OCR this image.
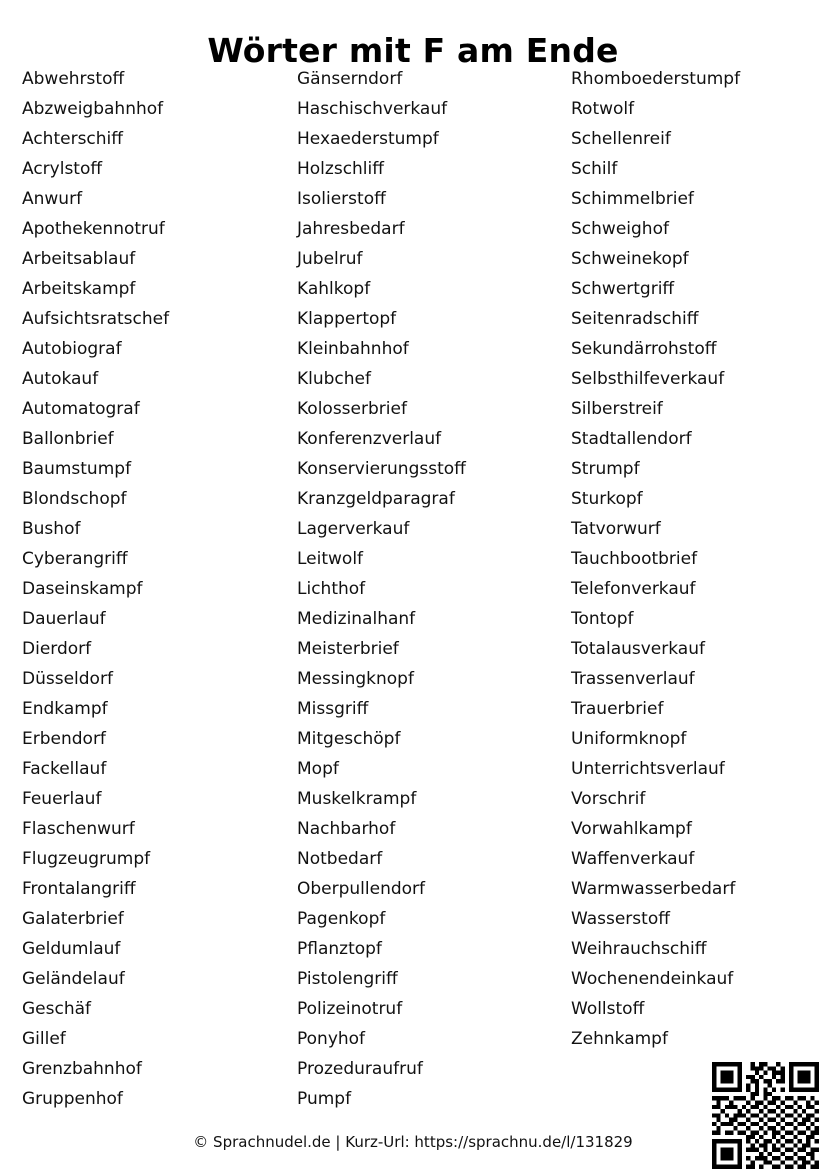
Wörter mit F am Ende
Abwehrstoff
Abzweigbahnhof
Achterschiff
Acrylstoff
Anwurf
Apothekennotruf
Arbeitsablauf
Arbeitskampf
Aufsichtsratschef
Autobiograf
Autokauf
Automatograf
Ballonbrief
Baumstumpf
Blondschopf
Bushof
Cyberangriff
Daseinskampf
Dauerlauf
Dierdorf
Düsseldorf
Endkampf
Erbendorf
Fackellauf
Feuerlauf
Flaschenwurf
Flugzeugrumpf
Frontalangriff
Galaterbrief
Geldumlauf
Geländelauf
Geschäf
Gillef
Grenzbahnhof
Gruppenhof
Gänserndorf
Haschischverkauf
Hexaederstumpf
Holzschliff
Isolierstoff
Jahresbedarf
Jubelruf
Kahlkopf
Klappertopf
Kleinbahnhof
Klubchef
Kolosserbrief
Konferenzverlauf
Konservierungsstoff
Kranzgeldparagraf
Lagerverkauf
Leitwolf
Lichthof
Medizinalhanf
Meisterbrief
Messingknopf
Missgriff
Mitgeschöpf
Mopf
Muskelkrampf
Nachbarhof
Notbedarf
Oberpullendorf
Pagenkopf
Pflanztopf
Pistolengriff
Polizeinotruf
Ponyhof
Prozeduraufruf
Pumpf
Rhomboederstumpf
Rotwolf
Schellenreif
Schilf
Schimmelbrief
Schweighof
Schweinekopf
Schwertgriff
Seitenradschiff
Sekundärrohstoff
Selbsthilfeverkauf
Silberstreif
Stadtallendorf
Strumpf
Sturkopf
Tatvorwurf
Tauchbootbrief
Telefonverkauf
Tontopf
Totalausverkauf
Trassenverlauf
Trauerbrief
Uniformknopf
Unterrichtsverlauf
Vorschrif
Vorwahlkampf
Waffenverkauf
Warmwasserbedarf
Wasserstoff
Weihrauchschiff
Wochenendeinkauf
Wollstoff
Zehnkampf
© Sprachnudel.de | Kurz-Url: https://sprachnu.de/l/131829
